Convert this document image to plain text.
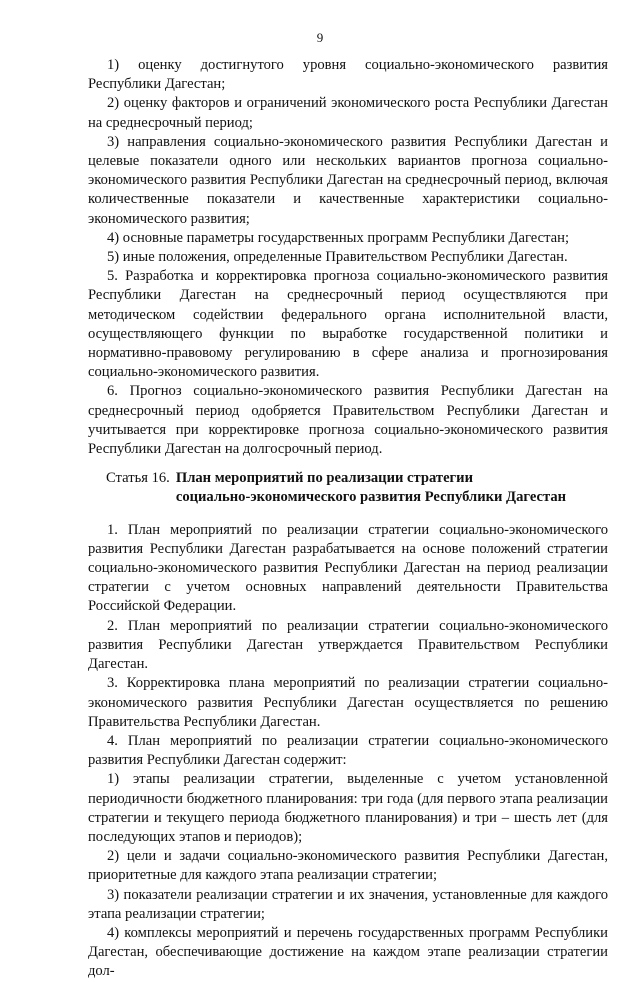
9

1) оценку достигнутого уровня социально-экономического развития Республики Дагестан;

2) оценку факторов и ограничений экономического роста Республики Дагестан на среднесрочный период;

3) направления социально-экономического развития Республики Дагестан и целевые показатели одного или нескольких вариантов прогноза социально-экономического развития Республики Дагестан на среднесрочный период, включая количественные показатели и качественные характеристики социально-экономического развития;

4) основные параметры государственных программ Республики Дагестан;

5) иные положения, определенные Правительством Республики Дагестан.

5. Разработка и корректировка прогноза социально-экономического развития Республики Дагестан на среднесрочный период осуществляются при методическом содействии федерального органа исполнительной власти, осуществляющего функции по выработке государственной политики и нормативно-правовому регулированию в сфере анализа и прогнозирования социально-экономического развития.

6. Прогноз социально-экономического развития Республики Дагестан на среднесрочный период одобряется Правительством Республики Дагестан и учитывается при корректировке прогноза социально-экономического развития Республики Дагестан на долгосрочный период.

Статья 16. План мероприятий по реализации стратегии
социально-экономического развития Республики Дагестан

1. План мероприятий по реализации стратегии социально-экономического развития Республики Дагестан разрабатывается на основе положений стратегии социально-экономического развития Республики Дагестан на период реализации стратегии с учетом основных направлений деятельности Правительства Российской Федерации.

2. План мероприятий по реализации стратегии социально-экономического развития Республики Дагестан утверждается Правительством Республики Дагестан.

3. Корректировка плана мероприятий по реализации стратегии социально-экономического развития Республики Дагестан осуществляется по решению Правительства Республики Дагестан.

4. План мероприятий по реализации стратегии социально-экономического развития Республики Дагестан содержит:

1) этапы реализации стратегии, выделенные с учетом установленной периодичности бюджетного планирования: три года (для первого этапа реализации стратегии и текущего периода бюджетного планирования) и три – шесть лет (для последующих этапов и периодов);

2) цели и задачи социально-экономического развития Республики Дагестан, приоритетные для каждого этапа реализации стратегии;

3) показатели реализации стратегии и их значения, установленные для каждого этапа реализации стратегии;

4) комплексы мероприятий и перечень государственных программ Республики Дагестан, обеспечивающие достижение на каждом этапе реализации стратегии дол-
